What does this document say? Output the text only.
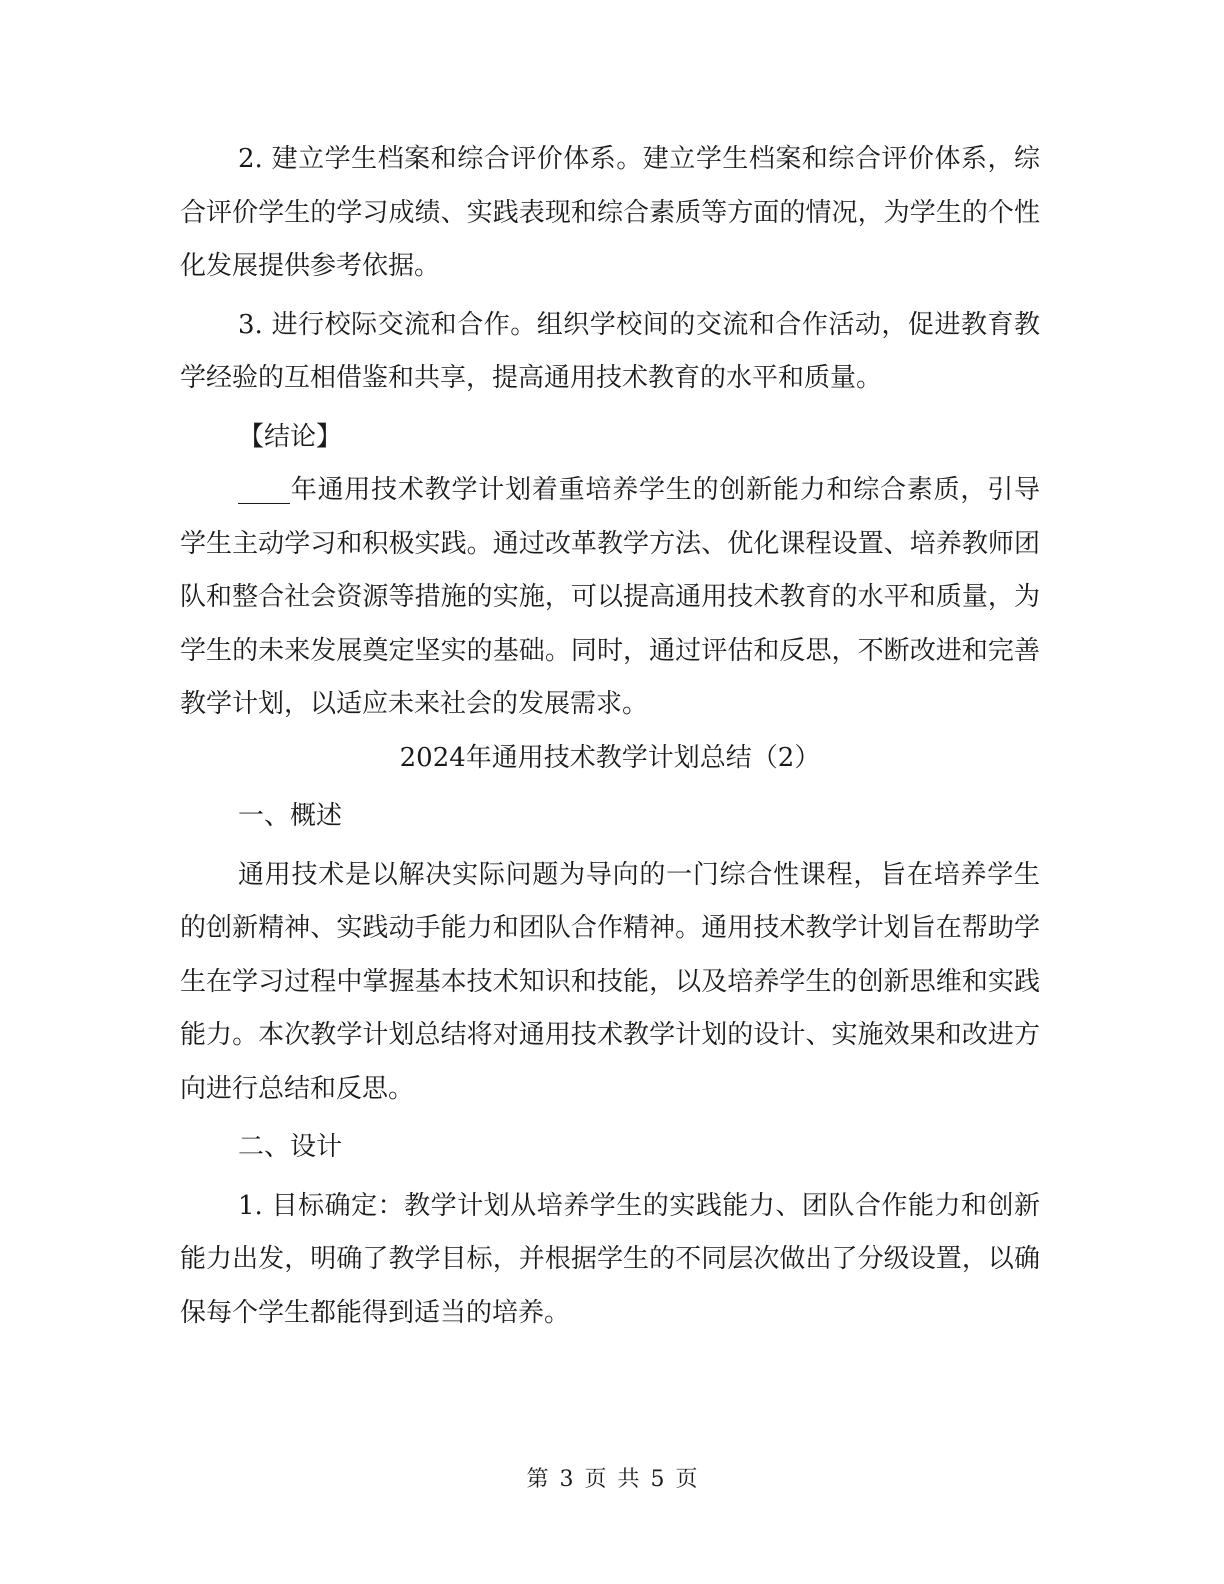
2. 建立学生档案和综合评价体系。建立学生档案和综合评价体系，综合评价学生的学习成绩、实践表现和综合素质等方面的情况，为学生的个性化发展提供参考依据。

3. 进行校际交流和合作。组织学校间的交流和合作活动，促进教育教学经验的互相借鉴和共享，提高通用技术教育的水平和质量。

【结论】

____年通用技术教学计划着重培养学生的创新能力和综合素质，引导学生主动学习和积极实践。通过改革教学方法、优化课程设置、培养教师团队和整合社会资源等措施的实施，可以提高通用技术教育的水平和质量，为学生的未来发展奠定坚实的基础。同时，通过评估和反思，不断改进和完善教学计划，以适应未来社会的发展需求。

2024年通用技术教学计划总结（2）

一、概述

通用技术是以解决实际问题为导向的一门综合性课程，旨在培养学生的创新精神、实践动手能力和团队合作精神。通用技术教学计划旨在帮助学生在学习过程中掌握基本技术知识和技能，以及培养学生的创新思维和实践能力。本次教学计划总结将对通用技术教学计划的设计、实施效果和改进方向进行总结和反思。

二、设计

1. 目标确定：教学计划从培养学生的实践能力、团队合作能力和创新能力出发，明确了教学目标，并根据学生的不同层次做出了分级设置，以确保每个学生都能得到适当的培养。

第 3 页 共 5 页
